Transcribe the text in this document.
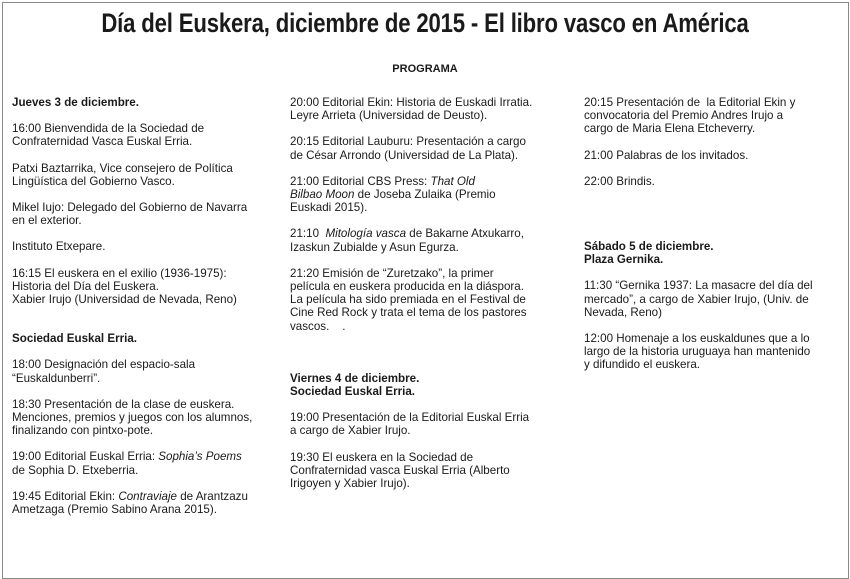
Día del Euskera, diciembre de 2015 - El libro vasco en América
PROGRAMA
Jueves 3 de diciembre.
16:00 Bienvendida de la Sociedad de
Confraternidad Vasca Euskal Erria.
Patxi Baztarrika, Vice consejero de Política
Lingüística del Gobierno Vasco.
Mikel Iujo: Delegado del Gobierno de Navarra
en el exterior.
Instituto Etxepare.
16:15 El euskera en el exilio (1936-1975):
Historia del Día del Euskera.
Xabier Irujo (Universidad de Nevada, Reno)
Sociedad Euskal Erria.
18:00 Designación del espacio-sala
“Euskaldunberri”.
18:30 Presentación de la clase de euskera.
Menciones, premios y juegos con los alumnos,
finalizando con pintxo-pote.
19:00 Editorial Euskal Erria: Sophia’s Poems
de Sophia D. Etxeberria.
19:45 Editorial Ekin: Contraviaje de Arantzazu
Ametzaga (Premio Sabino Arana 2015).
20:00 Editorial Ekin: Historia de Euskadi Irratia.
Leyre Arrieta (Universidad de Deusto).
20:15 Editorial Lauburu: Presentación a cargo
de César Arrondo (Universidad de La Plata).
21:00 Editorial CBS Press: That Old
Bilbao Moon de Joseba Zulaika (Premio
Euskadi 2015).
21:10  Mitología vasca de Bakarne Atxukarro,
Izaskun Zubialde y Asun Egurza.
21:20 Emisión de “Zuretzako”, la primer
película en euskera producida en la diáspora.
La película ha sido premiada en el Festival de
Cine Red Rock y trata el tema de los pastores
vascos.    .
Viernes 4 de diciembre.
Sociedad Euskal Erria.
19:00 Presentación de la Editorial Euskal Erria
a cargo de Xabier Irujo.
19:30 El euskera en la Sociedad de
Confraternidad vasca Euskal Erria (Alberto
Irigoyen y Xabier Irujo).
20:15 Presentación de  la Editorial Ekin y
convocatoria del Premio Andres Irujo a
cargo de Maria Elena Etcheverry.
21:00 Palabras de los invitados.
22:00 Brindis.
Sábado 5 de diciembre.
Plaza Gernika.
11:30 “Gernika 1937: La masacre del día del
mercado”, a cargo de Xabier Irujo, (Univ. de
Nevada, Reno)
12:00 Homenaje a los euskaldunes que a lo
largo de la historia uruguaya han mantenido
y difundido el euskera.
